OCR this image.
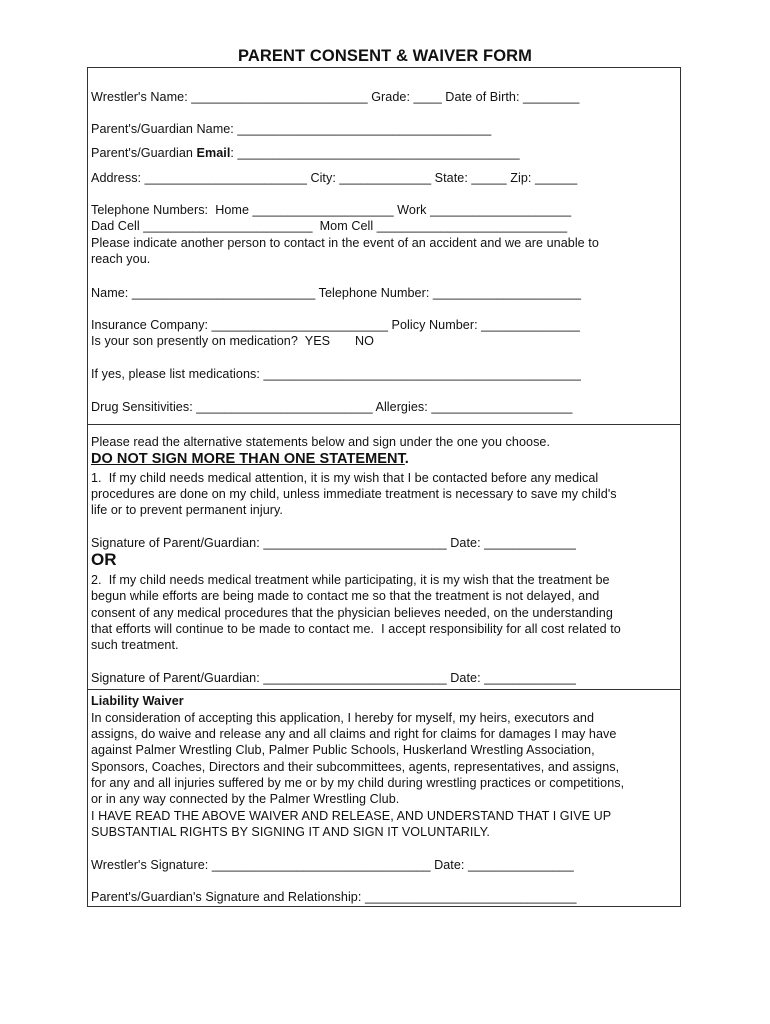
PARENT CONSENT & WAIVER FORM
Wrestler's Name: _________________________ Grade: ____ Date of Birth: ________
Parent's/Guardian Name: ____________________________________
Parent's/Guardian Email: ________________________________________
Address: _______________________ City: _____________ State: _____ Zip: ______
Telephone Numbers:  Home ____________________ Work ____________________
Dad Cell ________________________  Mom Cell ___________________________
Please indicate another person to contact in the event of an accident and we are unable to
reach you.
Name: __________________________ Telephone Number: _____________________
Insurance Company: _________________________ Policy Number: ______________
Is your son presently on medication?  YES       NO
If yes, please list medications: _____________________________________________
Drug Sensitivities: _________________________ Allergies: ____________________
Please read the alternative statements below and sign under the one you choose.
DO NOT SIGN MORE THAN ONE STATEMENT.
1.  If my child needs medical attention, it is my wish that I be contacted before any medical
procedures are done on my child, unless immediate treatment is necessary to save my child's
life or to prevent permanent injury.
Signature of Parent/Guardian: __________________________ Date: _____________
OR
2.  If my child needs medical treatment while participating, it is my wish that the treatment be
begun while efforts are being made to contact me so that the treatment is not delayed, and
consent of any medical procedures that the physician believes needed, on the understanding
that efforts will continue to be made to contact me.  I accept responsibility for all cost related to
such treatment.
Signature of Parent/Guardian: __________________________ Date: _____________
Liability Waiver
In consideration of accepting this application, I hereby for myself, my heirs, executors and
assigns, do waive and release any and all claims and right for claims for damages I may have
against Palmer Wrestling Club, Palmer Public Schools, Huskerland Wrestling Association,
Sponsors, Coaches, Directors and their subcommittees, agents, representatives, and assigns,
for any and all injuries suffered by me or by my child during wrestling practices or competitions,
or in any way connected by the Palmer Wrestling Club.
I HAVE READ THE ABOVE WAIVER AND RELEASE, AND UNDERSTAND THAT I GIVE UP
SUBSTANTIAL RIGHTS BY SIGNING IT AND SIGN IT VOLUNTARILY.
Wrestler's Signature: _______________________________ Date: _______________
Parent's/Guardian's Signature and Relationship: ______________________________
